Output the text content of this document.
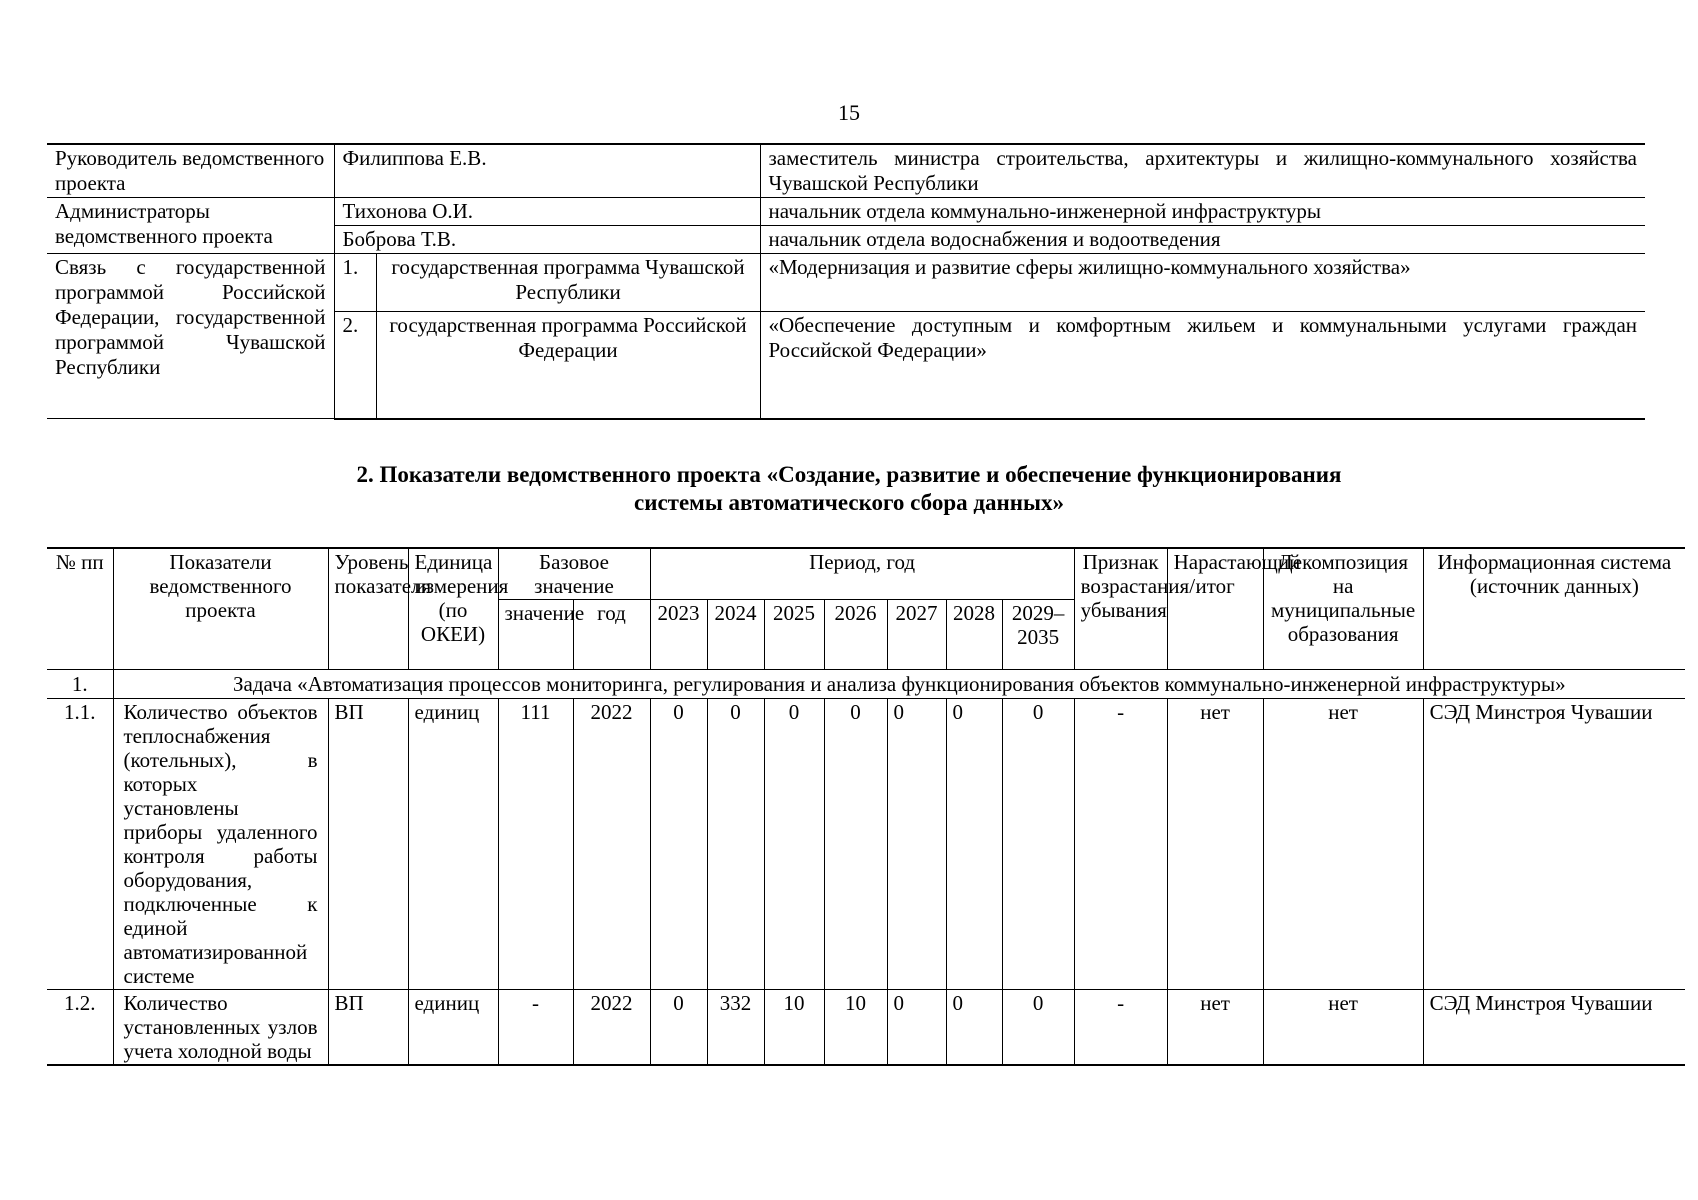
15
Руководитель ведомственного проекта	Филиппова Е.В.		заместитель министра строительства, архитектуры и жилищно-коммунального хозяйства Чувашской Республики
Администраторы ведомственного проекта	Тихонова О.И.		начальник отдела коммунально-инженерной инфраструктуры
	Боброва Т.В.		начальник отдела водоснабжения и водоотведения
Связь с государственной программой Российской Федерации, государственной программой Чувашской Республики	1.	государственная программа Чувашской Республики	«Модернизация и развитие сферы жилищно-коммунального хозяйства»
	2.	государственная программа Российской Федерации	«Обеспечение доступным и комфортным жильем и коммунальными услугами граждан Российской Федерации»
2. Показатели ведомственного проекта «Создание, развитие и обеспечение функционирования
системы автоматического сбора данных»
№ пп	Показатели ведомственного проекта	Уровень показателя	Единица измерения (по ОКЕИ)	Базовое значение		Период, год							Признак возрастания/убывания	Нарастающий итог	Декомпозиция на муниципальные образования	Информационная система (источник данных)
				значение	год	2023	2024	2025	2026	2027	2028	2029–2035				
1.	Задача «Автоматизация процессов мониторинга, регулирования и анализа функционирования объектов коммунально-инженерной инфраструктуры»															
1.1.	Количество объектов теплоснабжения (котельных), в которых установлены приборы удаленного контроля работы оборудования, подключенные к единой автоматизированной системе	ВП	единиц	111	2022	0	0	0	0	0	0	0	-	нет	нет	СЭД Минстроя Чувашии
1.2.	Количество установленных узлов учета холодной воды	ВП	единиц	-	2022	0	332	10	10	0	0	0	-	нет	нет	СЭД Минстроя Чувашии
